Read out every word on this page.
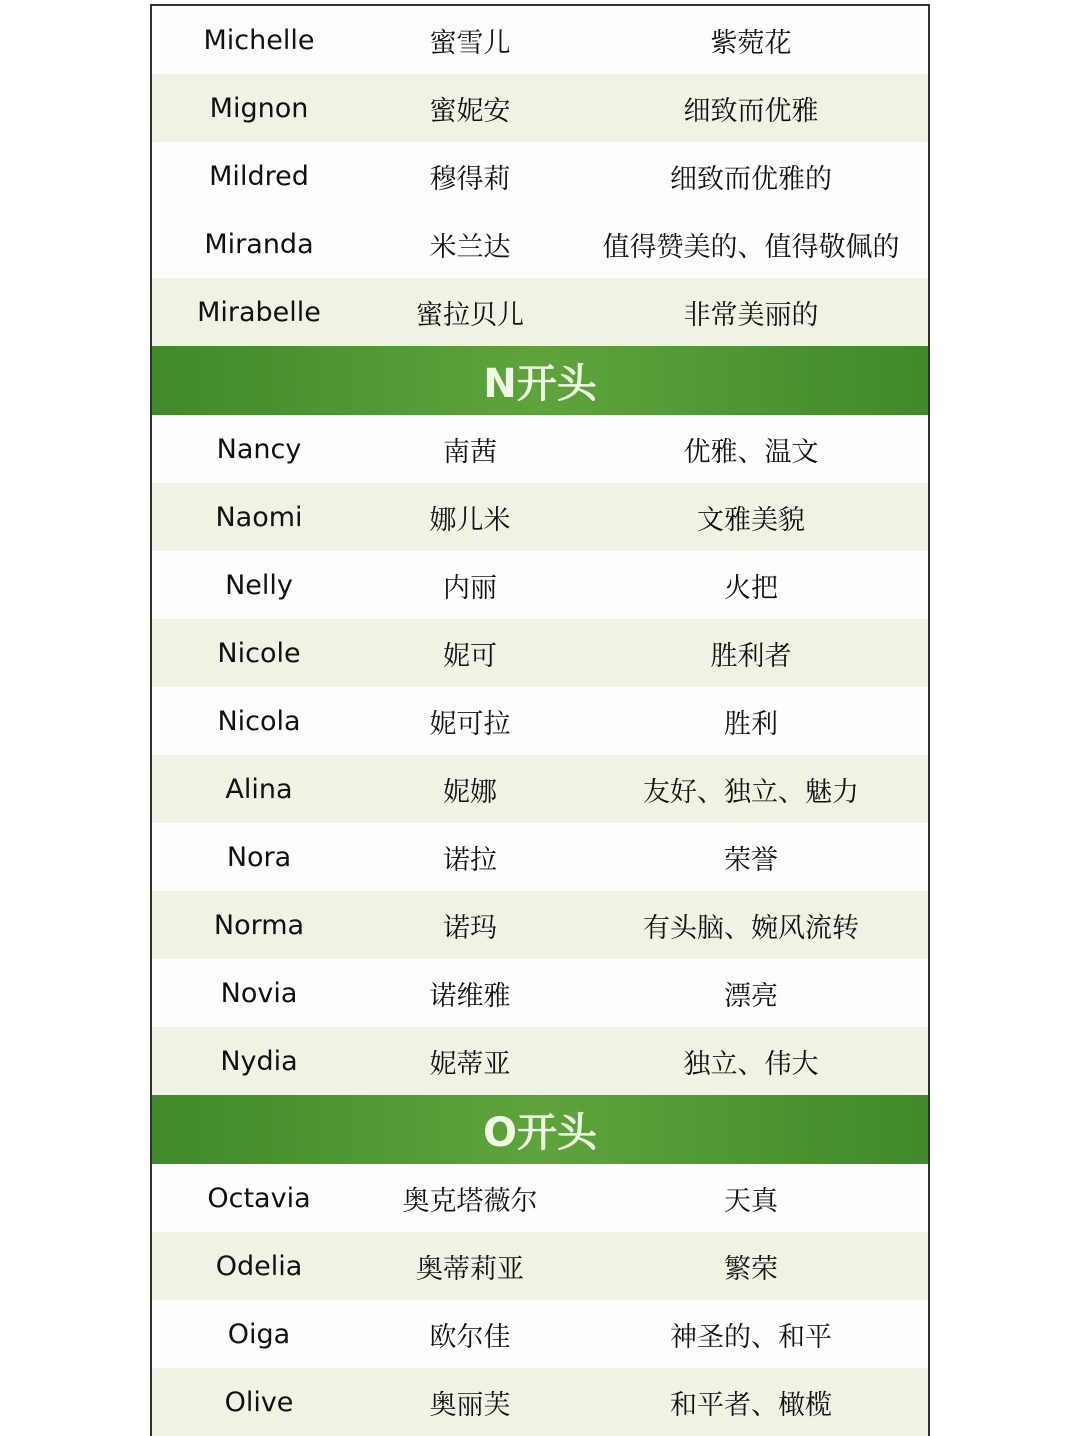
Michelle	蜜雪儿	紫菀花
Mignon	蜜妮安	细致而优雅
Mildred	穆得莉	细致而优雅的
Miranda	米兰达	值得赞美的、值得敬佩的
Mirabelle	蜜拉贝儿	非常美丽的
N开头
Nancy	南茜	优雅、温文
Naomi	娜儿米	文雅美貌
Nelly	内丽	火把
Nicole	妮可	胜利者
Nicola	妮可拉	胜利
Alina	妮娜	友好、独立、魅力
Nora	诺拉	荣誉
Norma	诺玛	有头脑、婉风流转
Novia	诺维雅	漂亮
Nydia	妮蒂亚	独立、伟大
O开头
Octavia	奥克塔薇尔	天真
Odelia	奥蒂莉亚	繁荣
Oiga	欧尔佳	神圣的、和平
Olive	奥丽芙	和平者、橄榄
